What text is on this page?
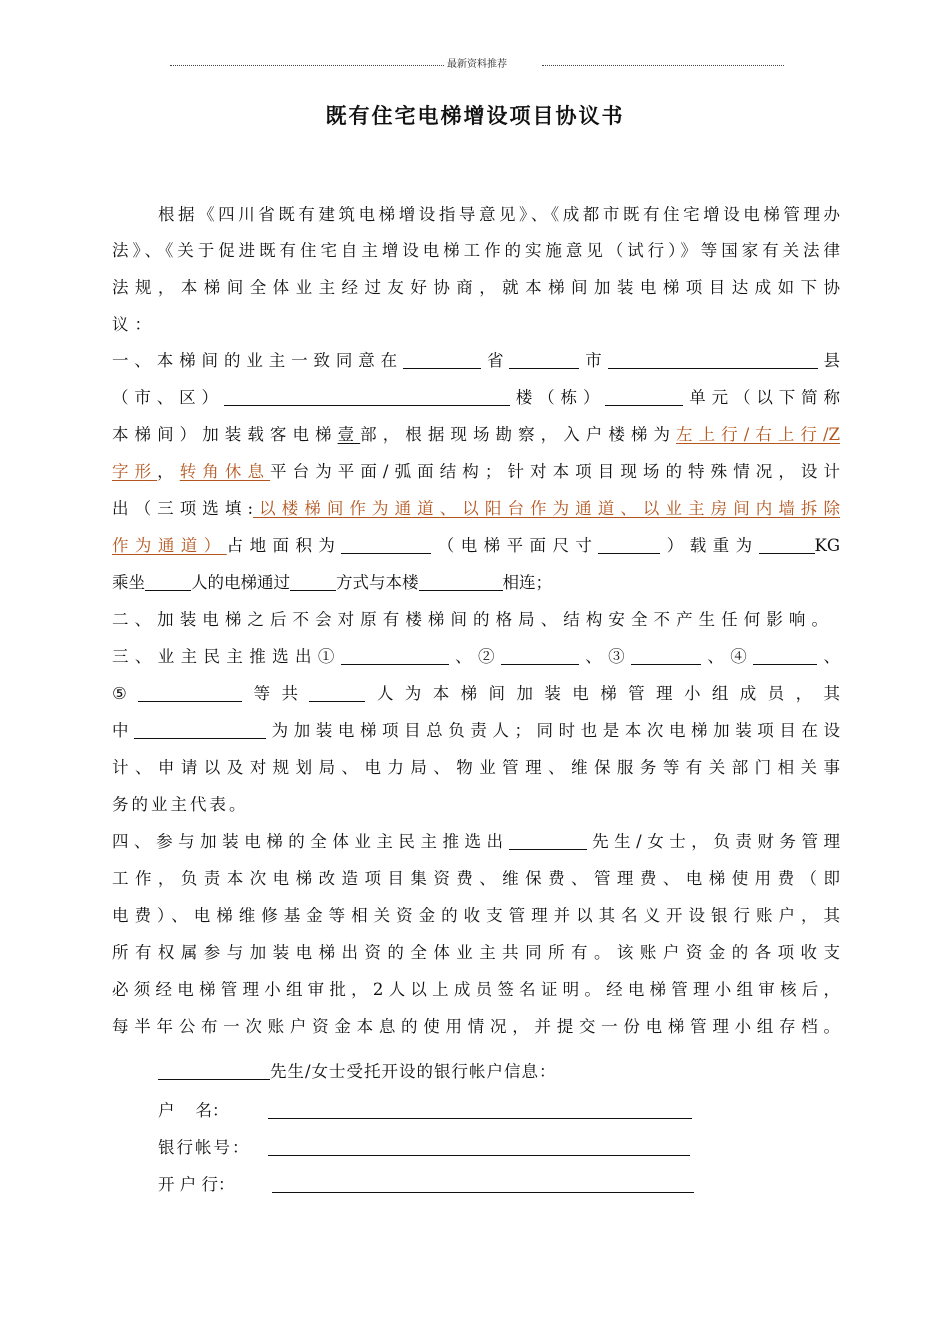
最新资料推荐
既有住宅电梯增设项目协议书
根据《四川省既有建筑电梯增设指导意见》、《成都市既有住宅增设电梯管理办
法》、《关于促进既有住宅自主增设电梯工作的实施意见（试行）》等国家有关法律
法规，本梯间全体业主经过友好协商，就本梯间加装电梯项目达成如下协
议：
一、本梯间的业主一致同意在	省	市	县
（市、区）	楼（栋）	单元（以下简称
本梯间）加装载客电梯壹部，根据现场勘察，入户楼梯为左上行/右上行/Z
字形，转角休息平台为平面/弧面结构；针对本项目现场的特殊情况，设计
出（三项选填:以楼梯间作为通道、以阳台作为通道、以业主房间内墙拆除
作为通道）占地面积为	（电梯平面尺寸	）载重为	KG
乘坐	人的电梯通过	方式与本楼	相连；
二、加装电梯之后不会对原有楼梯间的格局、结构安全不产生任何影响。
三、业主民主推选出①	、②	、③	、④	、
⑤	等共	人为本梯间加装电梯管理小组成员，其
中	为加装电梯项目总负责人；同时也是本次电梯加装项目在设
计、申请以及对规划局、电力局、物业管理、维保服务等有关部门相关事
务的业主代表。
四、参与加装电梯的全体业主民主推选出	先生/女士，负责财务管理
工作，负责本次电梯改造项目集资费、维保费、管理费、电梯使用费（即
电费）、电梯维修基金等相关资金的收支管理并以其名义开设银行账户，其
所有权属参与加装电梯出资的全体业主共同所有。该账户资金的各项收支
必须经电梯管理小组审批，2人以上成员签名证明。经电梯管理小组审核后，
每半年公布一次账户资金本息的使用情况，并提交一份电梯管理小组存档。
先生/女士受托开设的银行帐户信息：
户    名：
银行帐号：
开 户 行：
